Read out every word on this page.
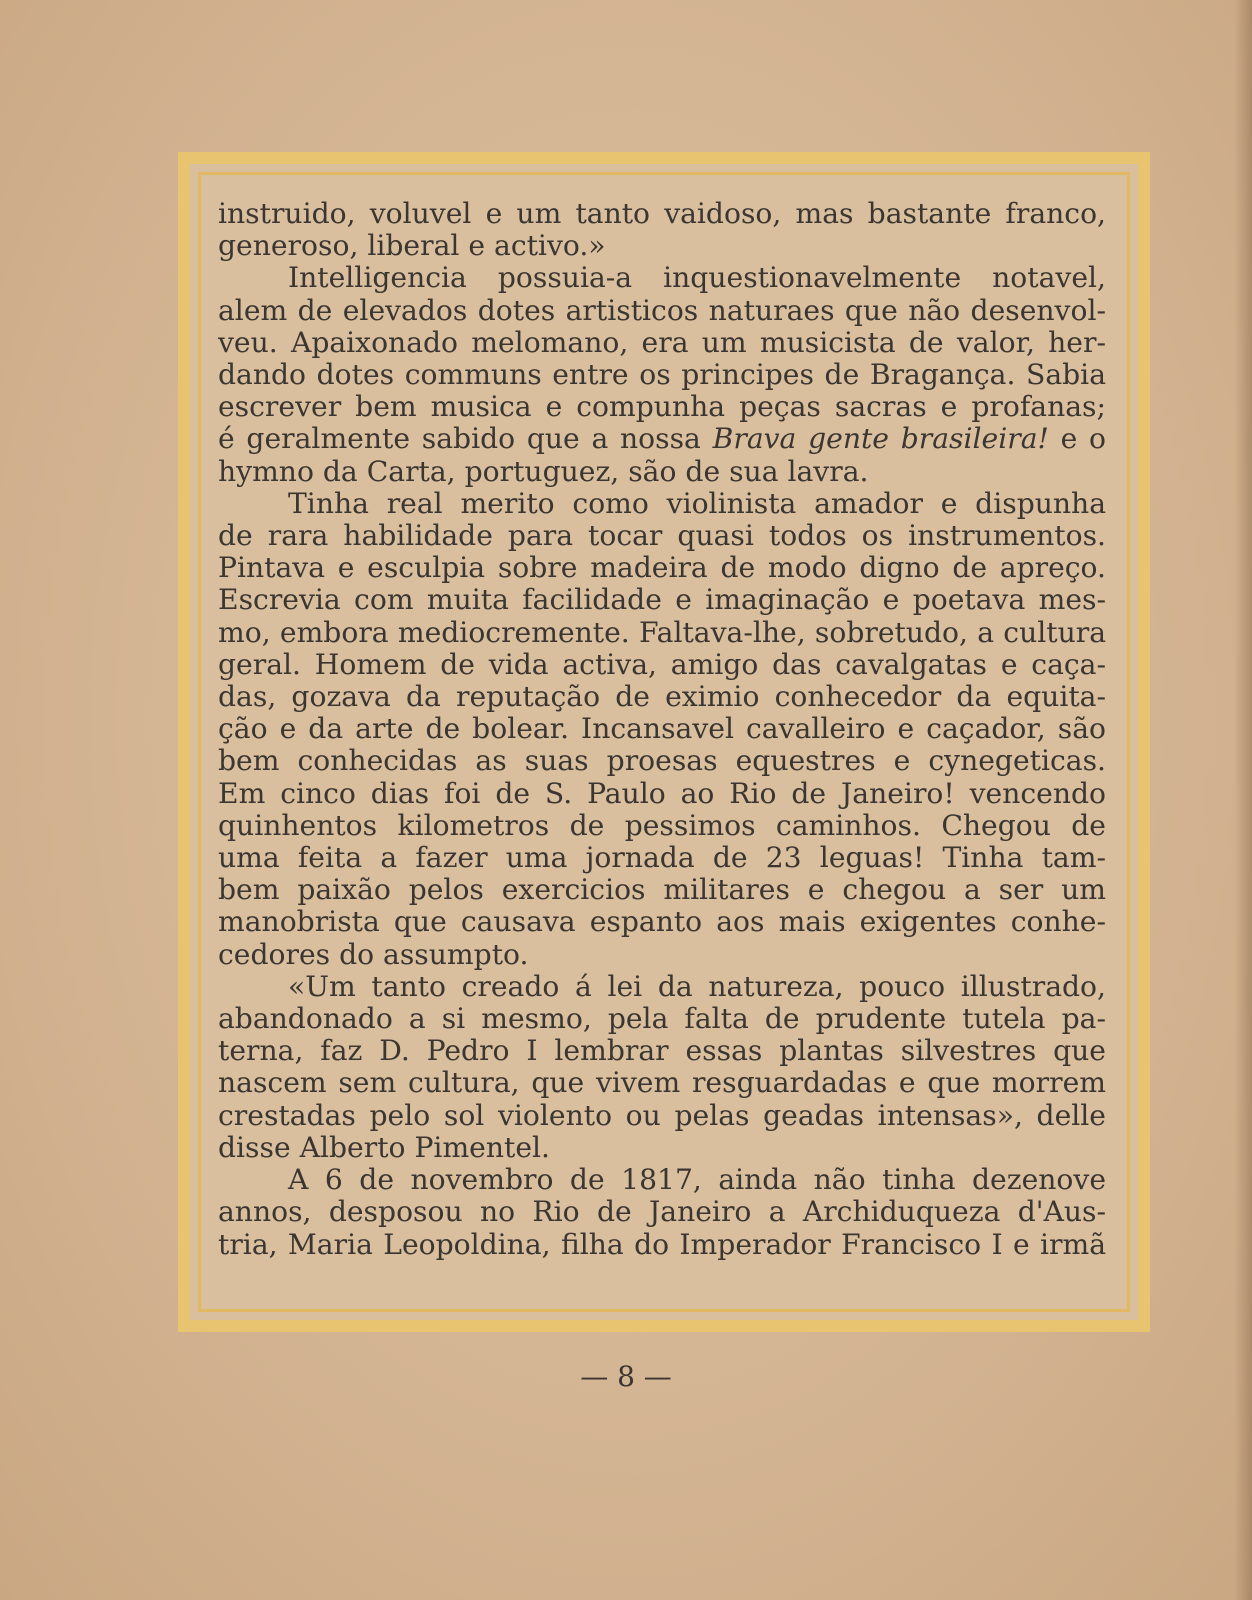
instruido, voluvel e um tanto vaidoso, mas bastante franco,
generoso, liberal e activo.»
Intelligencia possuia-a inquestionavelmente notavel,
alem de elevados dotes artisticos naturaes que não desenvol-
veu. Apaixonado melomano, era um musicista de valor, her-
dando dotes communs entre os principes de Bragança. Sabia
escrever bem musica e compunha peças sacras e profanas;
é geralmente sabido que a nossa Brava gente brasileira! e o
hymno da Carta, portuguez, são de sua lavra.
Tinha real merito como violinista amador e dispunha
de rara habilidade para tocar quasi todos os instrumentos.
Pintava e esculpia sobre madeira de modo digno de apreço.
Escrevia com muita facilidade e imaginação e poetava mes-
mo, embora mediocremente. Faltava-lhe, sobretudo, a cultura
geral. Homem de vida activa, amigo das cavalgatas e caça-
das, gozava da reputação de eximio conhecedor da equita-
ção e da arte de bolear. Incansavel cavalleiro e caçador, são
bem conhecidas as suas proesas equestres e cynegeticas.
Em cinco dias foi de S. Paulo ao Rio de Janeiro! vencendo
quinhentos kilometros de pessimos caminhos. Chegou de
uma feita a fazer uma jornada de 23 leguas! Tinha tam-
bem paixão pelos exercicios militares e chegou a ser um
manobrista que causava espanto aos mais exigentes conhe-
cedores do assumpto.
«Um tanto creado á lei da natureza, pouco illustrado,
abandonado a si mesmo, pela falta de prudente tutela pa-
terna, faz D. Pedro I lembrar essas plantas silvestres que
nascem sem cultura, que vivem resguardadas e que morrem
crestadas pelo sol violento ou pelas geadas intensas», delle
disse Alberto Pimentel.
A 6 de novembro de 1817, ainda não tinha dezenove
annos, desposou no Rio de Janeiro a Archiduqueza d'Aus-
tria, Maria Leopoldina, filha do Imperador Francisco I e irmã
— 8 —
